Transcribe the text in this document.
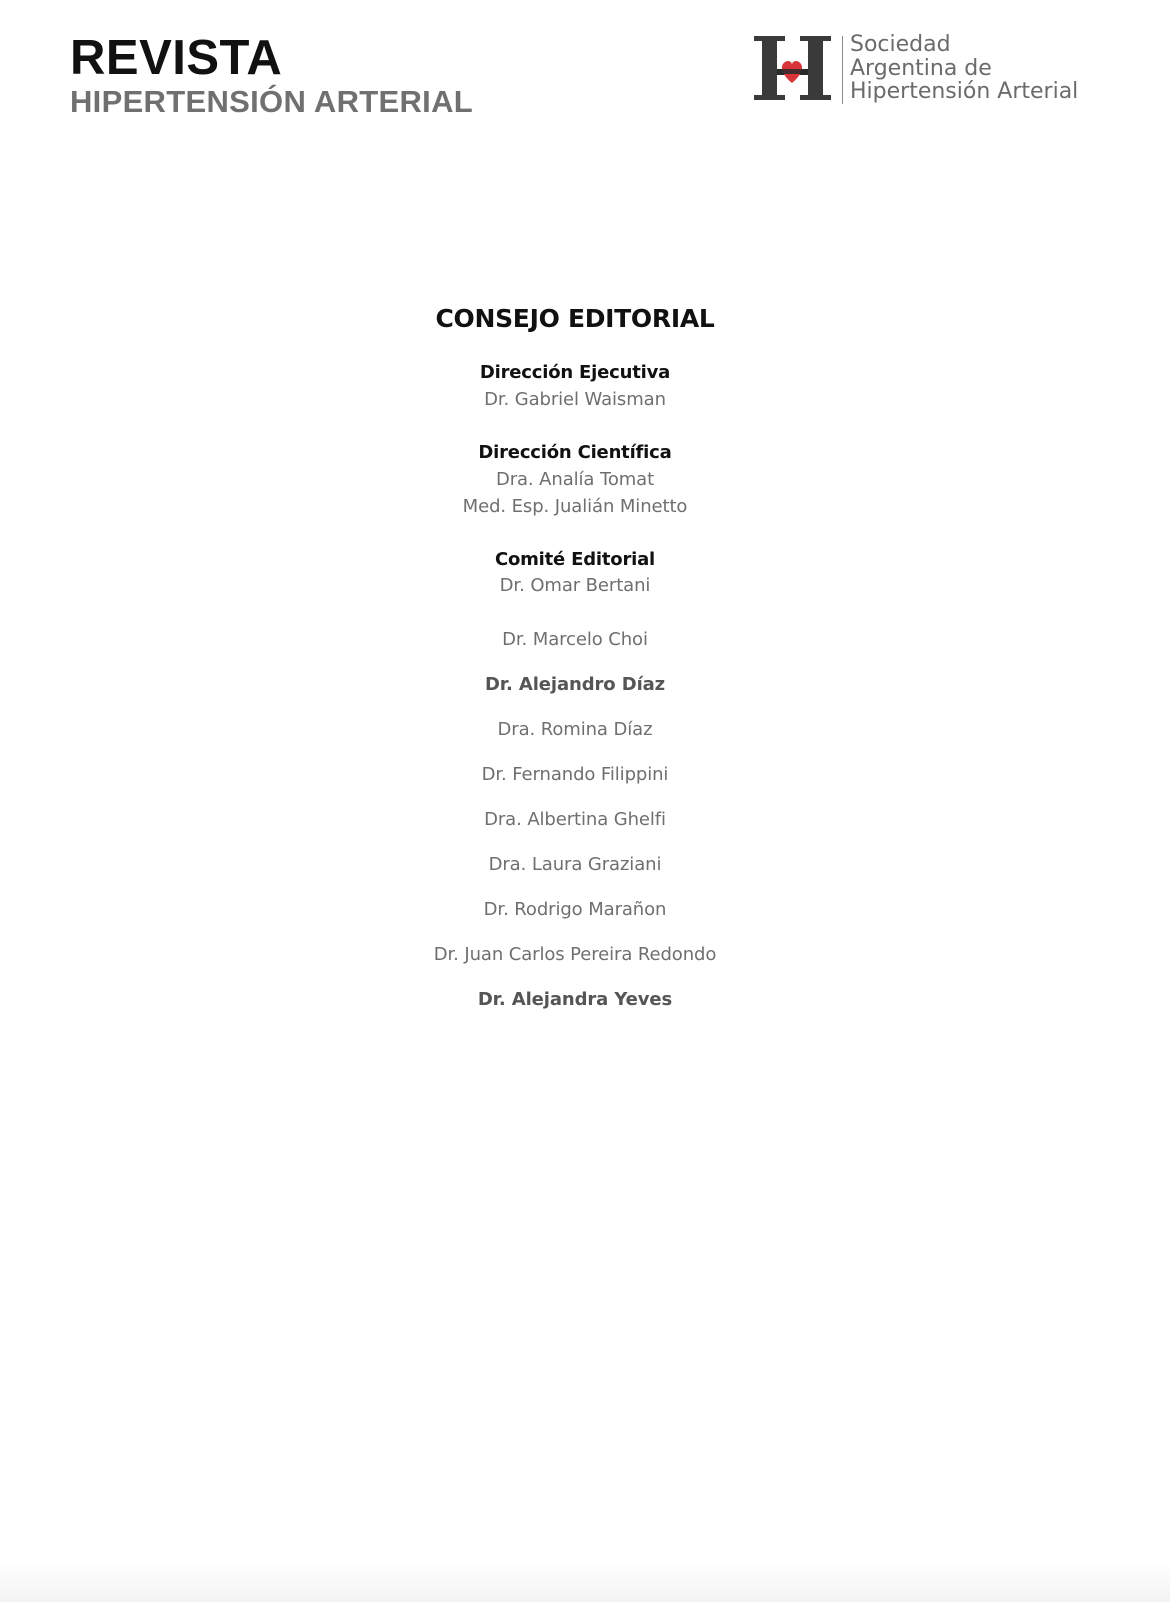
REVISTA
HIPERTENSIÓN ARTERIAL
Sociedad
Argentina de
Hipertensión Arterial
CONSEJO EDITORIAL
Dirección Ejecutiva
Dr. Gabriel Waisman
Dirección Científica
Dra. Analía Tomat
Med. Esp. Jualián Minetto
Comité Editorial
Dr. Omar Bertani
Dr. Marcelo Choi
Dr. Alejandro Díaz
Dra. Romina Díaz
Dr. Fernando Filippini
Dra. Albertina Ghelfi
Dra. Laura Graziani
Dr. Rodrigo Marañon
Dr. Juan Carlos Pereira Redondo
Dr. Alejandra Yeves
